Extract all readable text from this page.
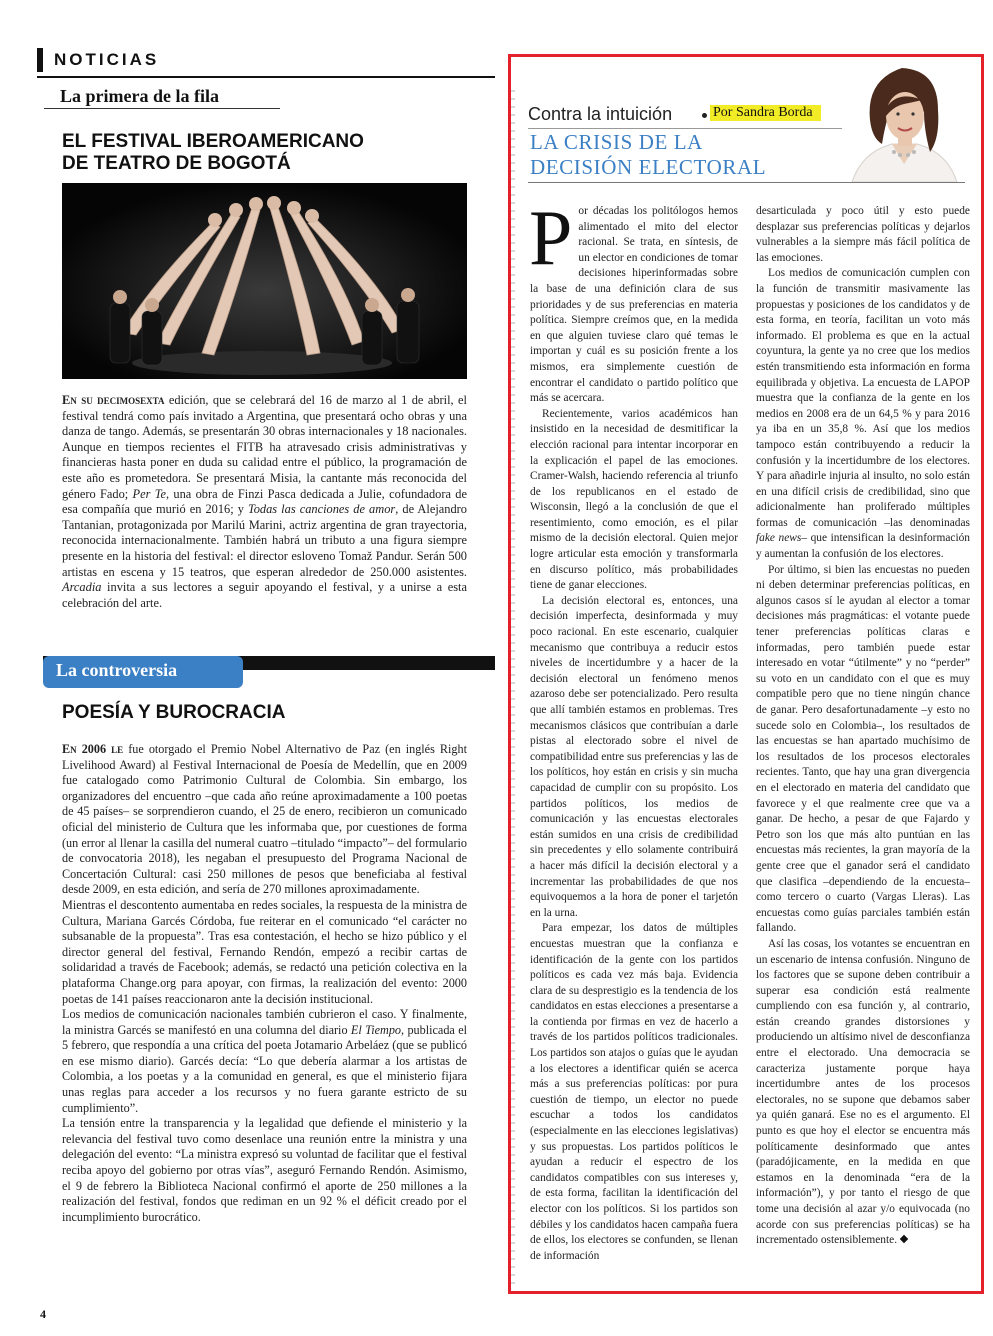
NOTICIAS
La primera de la fila
EL FESTIVAL IBEROAMERICANO
DE TEATRO DE BOGOTÁ

En su decimosexta edición, que se celebrará del 16 de marzo al 1 de abril, el festival tendrá como país invitado a Argentina, que presentará ocho obras y una danza de tango. Además, se presentarán 30 obras internacionales y 18 nacionales. Aunque en tiempos recientes el FITB ha atravesado crisis administrativas y financieras hasta poner en duda su calidad entre el público, la programación de este año es prometedora. Se presentará Misia, la cantante más reconocida del género Fado; Per Te, una obra de Finzi Pasca dedicada a Julie, cofundadora de esa compañía que murió en 2016; y Todas las canciones de amor, de Alejandro Tantanian, protagonizada por Marilú Marini, actriz argentina de gran trayectoria, reconocida internacionalmente. También habrá un tributo a una figura siempre presente en la historia del festival: el director esloveno Tomaž Pandur. Serán 500 artistas en escena y 15 teatros, que esperan alrededor de 250.000 asistentes. Arcadia invita a sus lectores a seguir apoyando el festival, y a unirse a esta celebración del arte.

La controversia
POESÍA Y BUROCRACIA

En 2006 le fue otorgado el Premio Nobel Alternativo de Paz (en inglés Right Livelihood Award) al Festival Internacional de Poesía de Medellín, que en 2009 fue catalogado como Patrimonio Cultural de Colombia. Sin embargo, los organizadores del encuentro –que cada año reúne aproximadamente a 100 poetas de 45 países– se sorprendieron cuando, el 25 de enero, recibieron un comunicado oficial del ministerio de Cultura que les informaba que, por cuestiones de forma (un error al llenar la casilla del numeral cuatro –titulado “impacto”– del formulario de convocatoria 2018), les negaban el presupuesto del Programa Nacional de Concertación Cultural: casi 250 millones de pesos que beneficiaba al festival desde 2009, en esta edición, and sería de 270 millones aproximadamente.

Mientras el descontento aumentaba en redes sociales, la respuesta de la ministra de Cultura, Mariana Garcés Córdoba, fue reiterar en el comunicado “el carácter no subsanable de la propuesta”. Tras esa contestación, el hecho se hizo público y el director general del festival, Fernando Rendón, empezó a recibir cartas de solidaridad a través de Facebook; además, se redactó una petición colectiva en la plataforma Change.org para apoyar, con firmas, la realización del evento: 2000 poetas de 141 países reaccionaron ante la decisión institucional.

Los medios de comunicación nacionales también cubrieron el caso. Y finalmente, la ministra Garcés se manifestó en una columna del diario El Tiempo, publicada el 5 febrero, que respondía a una crítica del poeta Jotamario Arbeláez (que se publicó en ese mismo diario). Garcés decía: “Lo que debería alarmar a los artistas de Colombia, a los poetas y a la comunidad en general, es que el ministerio fijara unas reglas para acceder a los recursos y no fuera garante estricto de su cumplimiento”.

La tensión entre la transparencia y la legalidad que defiende el ministerio y la relevancia del festival tuvo como desenlace una reunión entre la ministra y una delegación del evento: “La ministra expresó su voluntad de facilitar que el festival reciba apoyo del gobierno por otras vías”, aseguró Fernando Rendón. Asimismo, el 9 de febrero la Biblioteca Nacional confirmó el aporte de 250 millones a la realización del festival, fondos que rediman en un 92 % el déficit creado por el incumplimiento burocrático.

4
Contra la intuición	Por Sandra Borda
LA CRISIS DE LA
DECISIÓN ELECTORAL

Por décadas los politólogos hemos alimentado el mito del elector racional. Se trata, en síntesis, de un elector en condiciones de tomar decisiones hiperinformadas sobre la base de una definición clara de sus prioridades y de sus preferencias en materia política. Siempre creímos que, en la medida en que alguien tuviese claro qué temas le importan y cuál es su posición frente a los mismos, era simplemente cuestión de encontrar el candidato o partido político que más se acercara.

Recientemente, varios académicos han insistido en la necesidad de desmitificar la elección racional para intentar incorporar en la explicación el papel de las emociones. Cramer-Walsh, haciendo referencia al triunfo de los republicanos en el estado de Wisconsin, llegó a la conclusión de que el resentimiento, como emoción, es el pilar mismo de la decisión electoral. Quien mejor logre articular esta emoción y transformarla en discurso político, más probabilidades tiene de ganar elecciones.

La decisión electoral es, entonces, una decisión imperfecta, desinformada y muy poco racional. En este escenario, cualquier mecanismo que contribuya a reducir estos niveles de incertidumbre y a hacer de la decisión electoral un fenómeno menos azaroso debe ser potencializado. Pero resulta que allí también estamos en problemas. Tres mecanismos clásicos que contribuían a darle pistas al electorado sobre el nivel de compatibilidad entre sus preferencias y las de los políticos, hoy están en crisis y sin mucha capacidad de cumplir con su propósito. Los partidos políticos, los medios de comunicación y las encuestas electorales están sumidos en una crisis de credibilidad sin precedentes y ello solamente contribuirá a hacer más difícil la decisión electoral y a incrementar las probabilidades de que nos equivoquemos a la hora de poner el tarjetón en la urna.

Para empezar, los datos de múltiples encuestas muestran que la confianza e identificación de la gente con los partidos políticos es cada vez más baja. Evidencia clara de su desprestigio es la tendencia de los candidatos en estas elecciones a presentarse a la contienda por firmas en vez de hacerlo a través de los partidos políticos tradicionales. Los partidos son atajos o guías que le ayudan a los electores a identificar quién se acerca más a sus preferencias políticas: por pura cuestión de tiempo, un elector no puede escuchar a todos los candidatos (especialmente en las elecciones legislativas) y sus propuestas. Los partidos políticos le ayudan a reducir el espectro de los candidatos compatibles con sus intereses y, de esta forma, facilitan la identificación del elector con los políticos. Si los partidos son débiles y los candidatos hacen campaña fuera de ellos, los electores se confunden, se llenan de información

desarticulada y poco útil y esto puede desplazar sus preferencias políticas y dejarlos vulnerables a la siempre más fácil política de las emociones.

Los medios de comunicación cumplen con la función de transmitir masivamente las propuestas y posiciones de los candidatos y de esta forma, en teoría, facilitan un voto más informado. El problema es que en la actual coyuntura, la gente ya no cree que los medios estén transmitiendo esta información en forma equilibrada y objetiva. La encuesta de LAPOP muestra que la confianza de la gente en los medios en 2008 era de un 64,5 % y para 2016 ya iba en un 35,8 %. Así que los medios tampoco están contribuyendo a reducir la confusión y la incertidumbre de los electores. Y para añadirle injuria al insulto, no solo están en una difícil crisis de credibilidad, sino que adicionalmente han proliferado múltiples formas de comunicación –las denominadas fake news– que intensifican la desinformación y aumentan la confusión de los electores.

Por último, si bien las encuestas no pueden ni deben determinar preferencias políticas, en algunos casos sí le ayudan al elector a tomar decisiones más pragmáticas: el votante puede tener preferencias políticas claras e informadas, pero también puede estar interesado en votar “útilmente” y no “perder” su voto en un candidato con el que es muy compatible pero que no tiene ningún chance de ganar. Pero desafortunadamente –y esto no sucede solo en Colombia–, los resultados de las encuestas se han apartado muchísimo de los resultados de los procesos electorales recientes. Tanto, que hay una gran divergencia en el electorado en materia del candidato que favorece y el que realmente cree que va a ganar. De hecho, a pesar de que Fajardo y Petro son los que más alto puntúan en las encuestas más recientes, la gran mayoría de la gente cree que el ganador será el candidato que clasifica –dependiendo de la encuesta– como tercero o cuarto (Vargas Lleras). Las encuestas como guías parciales también están fallando.

Así las cosas, los votantes se encuentran en un escenario de intensa confusión. Ninguno de los factores que se supone deben contribuir a superar esa condición está realmente cumpliendo con esa función y, al contrario, están creando grandes distorsiones y produciendo un altísimo nivel de desconfianza entre el electorado. Una democracia se caracteriza justamente porque haya incertidumbre antes de los procesos electorales, no se supone que debamos saber ya quién ganará. Ese no es el argumento. El punto es que hoy el elector se encuentra más políticamente desinformado que antes (paradójicamente, en la medida en que estamos en la denominada “era de la información”), y por tanto el riesgo de que tome una decisión al azar y/o equivocada (no acorde con sus preferencias políticas) se ha incrementado ostensiblemente.
